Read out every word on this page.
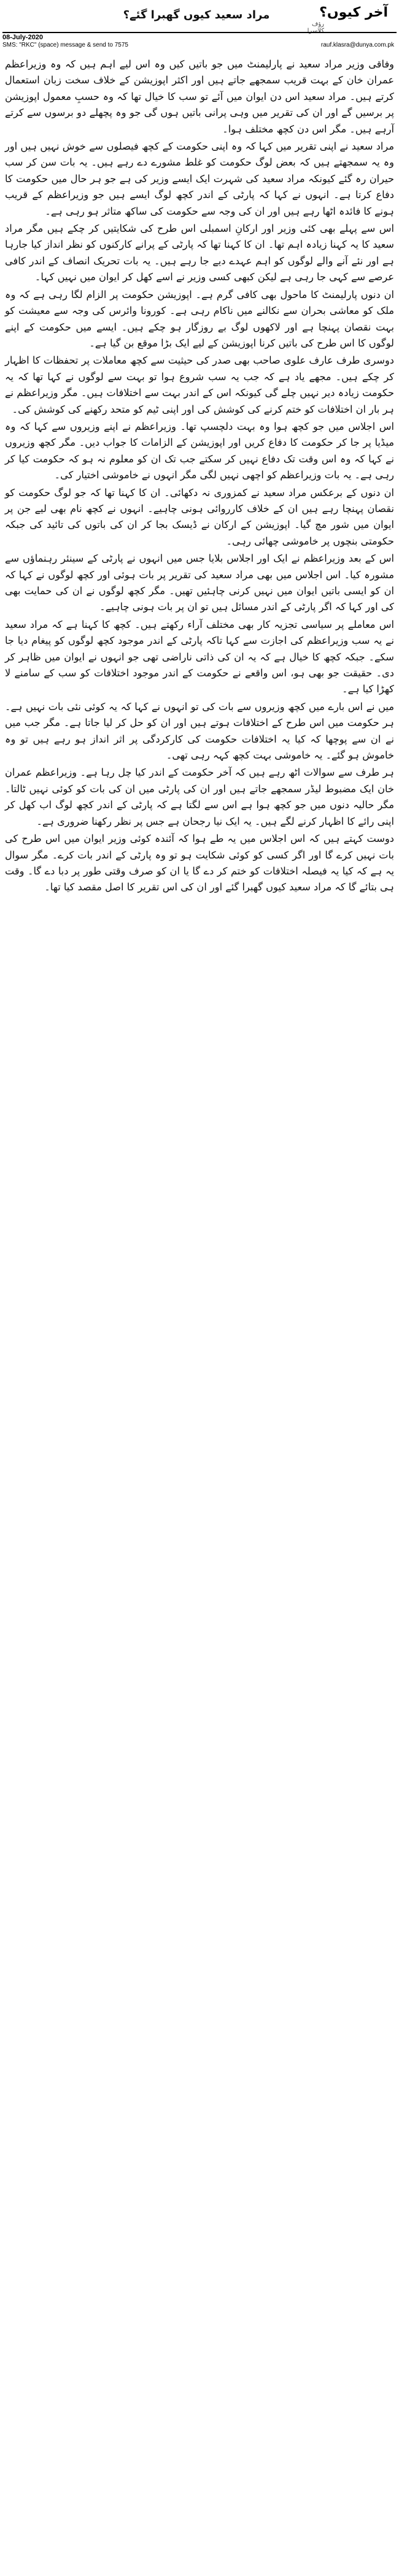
آخر کیوں؟
رؤف کلاسرا
مراد سعید کیوں گھبرا گئے؟
08-July-2020
SMS: "RKC" (space) message & send to 7575	rauf.klasra@dunya.com.pk

وفاقی وزیر مراد سعید نے پارلیمنٹ میں جو باتیں کیں وہ اس لیے اہم ہیں کہ وہ وزیراعظم عمران خان کے بہت قریب سمجھے جاتے ہیں اور اکثر اپوزیشن کے خلاف سخت زبان استعمال کرتے ہیں۔ مراد سعید اس دن ایوان میں آئے تو سب کا خیال تھا کہ وہ حسبِ معمول اپوزیشن پر برسیں گے اور ان کی تقریر میں وہی پرانی باتیں ہوں گی جو وہ پچھلے دو برسوں سے کرتے آرہے ہیں۔ مگر اس دن کچھ مختلف ہوا۔

مراد سعید نے اپنی تقریر میں کہا کہ وہ اپنی حکومت کے کچھ فیصلوں سے خوش نہیں ہیں اور وہ یہ سمجھتے ہیں کہ بعض لوگ حکومت کو غلط مشورے دے رہے ہیں۔ یہ بات سن کر سب حیران رہ گئے کیونکہ مراد سعید کی شہرت ایک ایسے وزیر کی ہے جو ہر حال میں حکومت کا دفاع کرتا ہے۔ انہوں نے کہا کہ پارٹی کے اندر کچھ لوگ ایسے ہیں جو وزیراعظم کے قریب ہونے کا فائدہ اٹھا رہے ہیں اور ان کی وجہ سے حکومت کی ساکھ متاثر ہو رہی ہے۔

اس سے پہلے بھی کئی وزیر اور ارکانِ اسمبلی اس طرح کی شکایتیں کر چکے ہیں مگر مراد سعید کا یہ کہنا زیادہ اہم تھا۔ ان کا کہنا تھا کہ پارٹی کے پرانے کارکنوں کو نظر انداز کیا جارہا ہے اور نئے آنے والے لوگوں کو اہم عہدے دیے جا رہے ہیں۔ یہ بات تحریک انصاف کے اندر کافی عرصے سے کہی جا رہی ہے لیکن کبھی کسی وزیر نے اسے کھل کر ایوان میں نہیں کہا۔

ان دنوں پارلیمنٹ کا ماحول بھی کافی گرم ہے۔ اپوزیشن حکومت پر الزام لگا رہی ہے کہ وہ ملک کو معاشی بحران سے نکالنے میں ناکام رہی ہے۔ کورونا وائرس کی وجہ سے معیشت کو بہت نقصان پہنچا ہے اور لاکھوں لوگ بے روزگار ہو چکے ہیں۔ ایسے میں حکومت کے اپنے لوگوں کا اس طرح کی باتیں کرنا اپوزیشن کے لیے ایک بڑا موقع بن گیا ہے۔

دوسری طرف عارف علوی صاحب بھی صدر کی حیثیت سے کچھ معاملات پر تحفظات کا اظہار کر چکے ہیں۔ مجھے یاد ہے کہ جب یہ سب شروع ہوا تو بہت سے لوگوں نے کہا تھا کہ یہ حکومت زیادہ دیر نہیں چلے گی کیونکہ اس کے اندر بہت سے اختلافات ہیں۔ مگر وزیراعظم نے ہر بار ان اختلافات کو ختم کرنے کی کوشش کی اور اپنی ٹیم کو متحد رکھنے کی کوشش کی۔

اس اجلاس میں جو کچھ ہوا وہ بہت دلچسپ تھا۔ وزیراعظم نے اپنے وزیروں سے کہا کہ وہ میڈیا پر جا کر حکومت کا دفاع کریں اور اپوزیشن کے الزامات کا جواب دیں۔ مگر کچھ وزیروں نے کہا کہ وہ اس وقت تک دفاع نہیں کر سکتے جب تک ان کو معلوم نہ ہو کہ حکومت کیا کر رہی ہے۔ یہ بات وزیراعظم کو اچھی نہیں لگی مگر انہوں نے خاموشی اختیار کی۔

ان دنوں کے برعکس مراد سعید نے کمزوری نہ دکھائی۔ ان کا کہنا تھا کہ جو لوگ حکومت کو نقصان پہنچا رہے ہیں ان کے خلاف کارروائی ہونی چاہیے۔ انہوں نے کچھ نام بھی لیے جن پر ایوان میں شور مچ گیا۔ اپوزیشن کے ارکان نے ڈیسک بجا کر ان کی باتوں کی تائید کی جبکہ حکومتی بنچوں پر خاموشی چھائی رہی۔

اس کے بعد وزیراعظم نے ایک اور اجلاس بلایا جس میں انہوں نے پارٹی کے سینئر رہنماؤں سے مشورہ کیا۔ اس اجلاس میں بھی مراد سعید کی تقریر پر بات ہوئی اور کچھ لوگوں نے کہا کہ ان کو ایسی باتیں ایوان میں نہیں کرنی چاہئیں تھیں۔ مگر کچھ لوگوں نے ان کی حمایت بھی کی اور کہا کہ اگر پارٹی کے اندر مسائل ہیں تو ان پر بات ہونی چاہیے۔

اس معاملے پر سیاسی تجزیہ کار بھی مختلف آراء رکھتے ہیں۔ کچھ کا کہنا ہے کہ مراد سعید نے یہ سب وزیراعظم کی اجازت سے کہا تاکہ پارٹی کے اندر موجود کچھ لوگوں کو پیغام دیا جا سکے۔ جبکہ کچھ کا خیال ہے کہ یہ ان کی ذاتی ناراضی تھی جو انہوں نے ایوان میں ظاہر کر دی۔ حقیقت جو بھی ہو، اس واقعے نے حکومت کے اندر موجود اختلافات کو سب کے سامنے لا کھڑا کیا ہے۔

میں نے اس بارے میں کچھ وزیروں سے بات کی تو انہوں نے کہا کہ یہ کوئی نئی بات نہیں ہے۔ ہر حکومت میں اس طرح کے اختلافات ہوتے ہیں اور ان کو حل کر لیا جاتا ہے۔ مگر جب میں نے ان سے پوچھا کہ کیا یہ اختلافات حکومت کی کارکردگی پر اثر انداز ہو رہے ہیں تو وہ خاموش ہو گئے۔ یہ خاموشی بہت کچھ کہہ رہی تھی۔

ہر طرف سے سوالات اٹھ رہے ہیں کہ آخر حکومت کے اندر کیا چل رہا ہے۔ وزیراعظم عمران خان ایک مضبوط لیڈر سمجھے جاتے ہیں اور ان کی پارٹی میں ان کی بات کو کوئی نہیں ٹالتا۔ مگر حالیہ دنوں میں جو کچھ ہوا ہے اس سے لگتا ہے کہ پارٹی کے اندر کچھ لوگ اب کھل کر اپنی رائے کا اظہار کرنے لگے ہیں۔ یہ ایک نیا رجحان ہے جس پر نظر رکھنا ضروری ہے۔

دوست کہتے ہیں کہ اس اجلاس میں یہ طے ہوا کہ آئندہ کوئی وزیر ایوان میں اس طرح کی بات نہیں کرے گا اور اگر کسی کو کوئی شکایت ہو تو وہ پارٹی کے اندر بات کرے۔ مگر سوال یہ ہے کہ کیا یہ فیصلہ اختلافات کو ختم کر دے گا یا ان کو صرف وقتی طور پر دبا دے گا۔ وقت ہی بتائے گا کہ مراد سعید کیوں گھبرا گئے اور ان کی اس تقریر کا اصل مقصد کیا تھا۔
